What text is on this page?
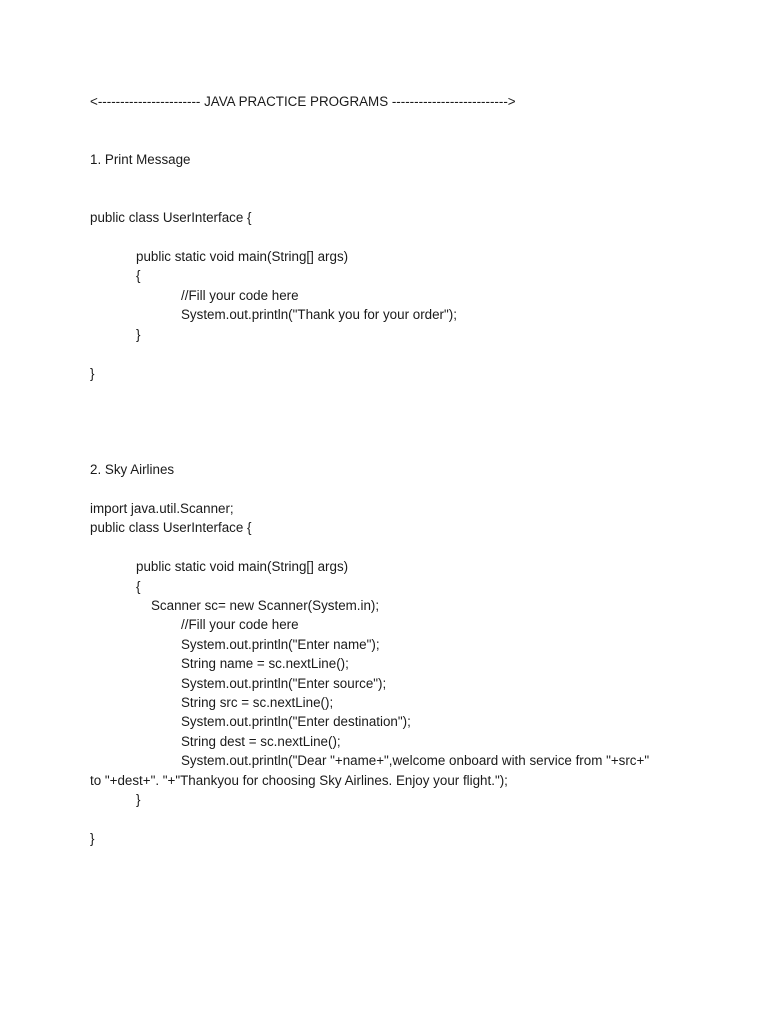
<----------------------- JAVA PRACTICE PROGRAMS -------------------------->

1. Print Message

public class UserInterface {

public static void main(String[] args)

{

//Fill your code here

System.out.println("Thank you for your order");

}

}

2. Sky Airlines

import java.util.Scanner;

public class UserInterface {

public static void main(String[] args)

{

Scanner sc= new Scanner(System.in);

//Fill your code here

System.out.println("Enter name");

String name = sc.nextLine();

System.out.println("Enter source");

String src = sc.nextLine();

System.out.println("Enter destination");

String dest = sc.nextLine();

System.out.println("Dear "+name+",welcome onboard with service from "+src+"

to "+dest+". "+"Thankyou for choosing Sky Airlines. Enjoy your flight.");

}

}
